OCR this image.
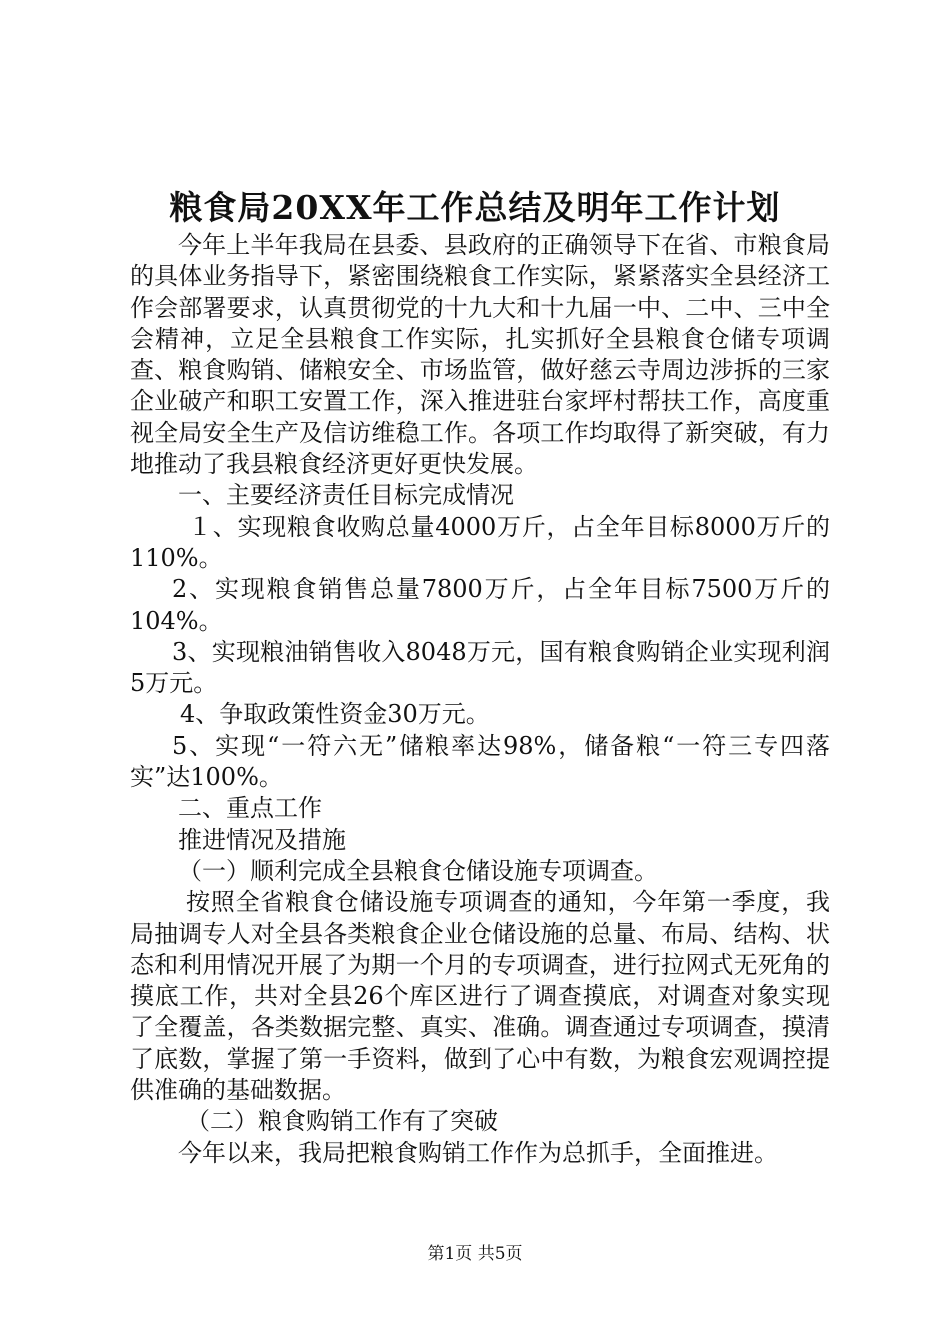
粮食局20XX年工作总结及明年工作计划

今年上半年我局在县委、县政府的正确领导下在省、市粮食局的具体业务指导下，紧密围绕粮食工作实际，紧紧落实全县经济工作会部署要求，认真贯彻党的十九大和十九届一中、二中、三中全会精神，立足全县粮食工作实际，扎实抓好全县粮食仓储专项调查、粮食购销、储粮安全、市场监管，做好慈云寺周边涉拆的三家企业破产和职工安置工作，深入推进驻台家坪村帮扶工作，高度重视全局安全生产及信访维稳工作。各项工作均取得了新突破，有力地推动了我县粮食经济更好更快发展。

一、主要经济责任目标完成情况

１、实现粮食收购总量4000万斤，占全年目标8000万斤的110%。

2、实现粮食销售总量7800万斤，占全年目标7500万斤的104%。

3、实现粮油销售收入8048万元，国有粮食购销企业实现利润5万元。

4、争取政策性资金30万元。

5、实现“一符六无”储粮率达98%，储备粮“一符三专四落实”达100%。

二、重点工作

推进情况及措施

（一）顺利完成全县粮食仓储设施专项调查。

按照全省粮食仓储设施专项调查的通知，今年第一季度，我局抽调专人对全县各类粮食企业仓储设施的总量、布局、结构、状态和利用情况开展了为期一个月的专项调查，进行拉网式无死角的摸底工作，共对全县26个库区进行了调查摸底，对调查对象实现了全覆盖，各类数据完整、真实、准确。调查通过专项调查，摸清了底数，掌握了第一手资料，做到了心中有数，为粮食宏观调控提供准确的基础数据。

（二）粮食购销工作有了突破

今年以来，我局把粮食购销工作作为总抓手，全面推进。

第1页 共5页
